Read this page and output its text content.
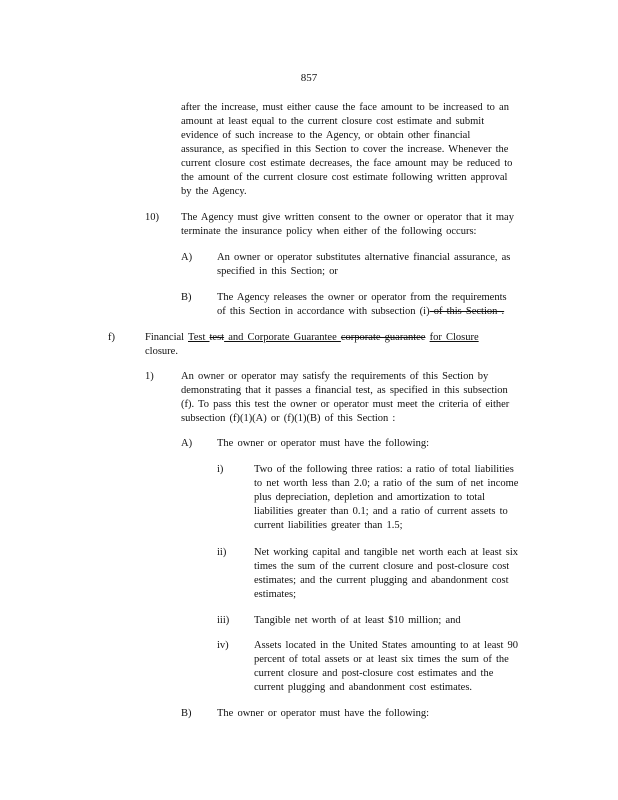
857
after the increase, must either cause the face amount to be increased to an
amount at least equal to the current closure cost estimate and submit
evidence of such increase to the Agency, or obtain other financial
assurance, as specified in this Section to cover the increase. Whenever the
current closure cost estimate decreases, the face amount may be reduced to
the amount of the current closure cost estimate following written approval
by the Agency.
10) The Agency must give written consent to the owner or operator that it may
terminate the insurance policy when either of the following occurs:
A) An owner or operator substitutes alternative financial assurance, as
specified in this Section; or
B) The Agency releases the owner or operator from the requirements
of this Section in accordance with subsection (i) of this Section .
f)	Financial Test test and Corporate Guarantee corporate guarantee for Closure
closure.
1)	An owner or operator may satisfy the requirements of this Section by
demonstrating that it passes a financial test, as specified in this subsection
(f). To pass this test the owner or operator must meet the criteria of either
subsection (f)(1)(A) or (f)(1)(B) of this Section :
A) The owner or operator must have the following:
i)	Two of the following three ratios: a ratio of total liabilities
to net worth less than 2.0; a ratio of the sum of net income
plus depreciation, depletion and amortization to total
liabilities greater than 0.1; and a ratio of current assets to
current liabilities greater than 1.5;
ii)	Net working capital and tangible net worth each at least six
times the sum of the current closure and post-closure cost
estimates; and the current plugging and abandonment cost
estimates;
iii) Tangible net worth of at least $10 million; and
iv) Assets located in the United States amounting to at least 90
percent of total assets or at least six times the sum of the
current closure and post-closure cost estimates and the
current plugging and abandonment cost estimates.
B) The owner or operator must have the following:
